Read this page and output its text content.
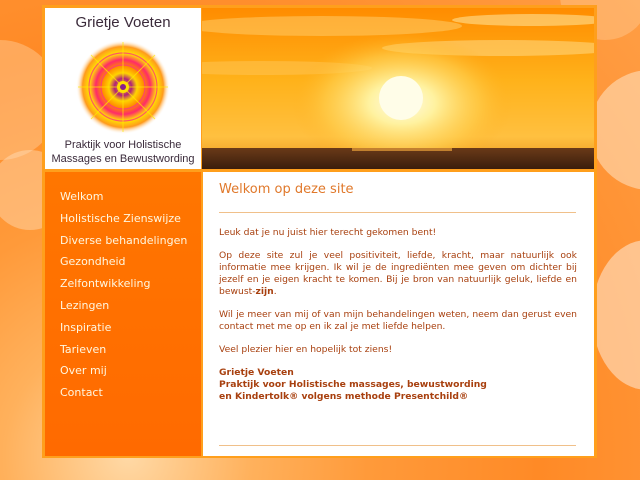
Grietje Voeten
Praktijk voor Holistische
Massages en Bewustwording
Welkom
Holistische Zienswijze
Diverse behandelingen
Gezondheid
Zelfontwikkeling
Lezingen
Inspiratie
Tarieven
Over mij
Contact
Welkom op deze site

Leuk dat je nu juist hier terecht gekomen bent!

Op deze site zul je veel positiviteit, liefde, kracht, maar natuurlijk ook informatie mee krijgen. Ik wil je de ingrediënten mee geven om dichter bij jezelf en je eigen kracht te komen. Bij je bron van natuurlijk geluk, liefde en bewust-zijn.

Wil je meer van mij of van mijn behandelingen weten, neem dan gerust even contact met me op en ik zal je met liefde helpen.

Veel plezier hier en hopelijk tot ziens!

Grietje Voeten
Praktijk voor Holistische massages, bewustwording
en Kindertolk® volgens methode Presentchild®
